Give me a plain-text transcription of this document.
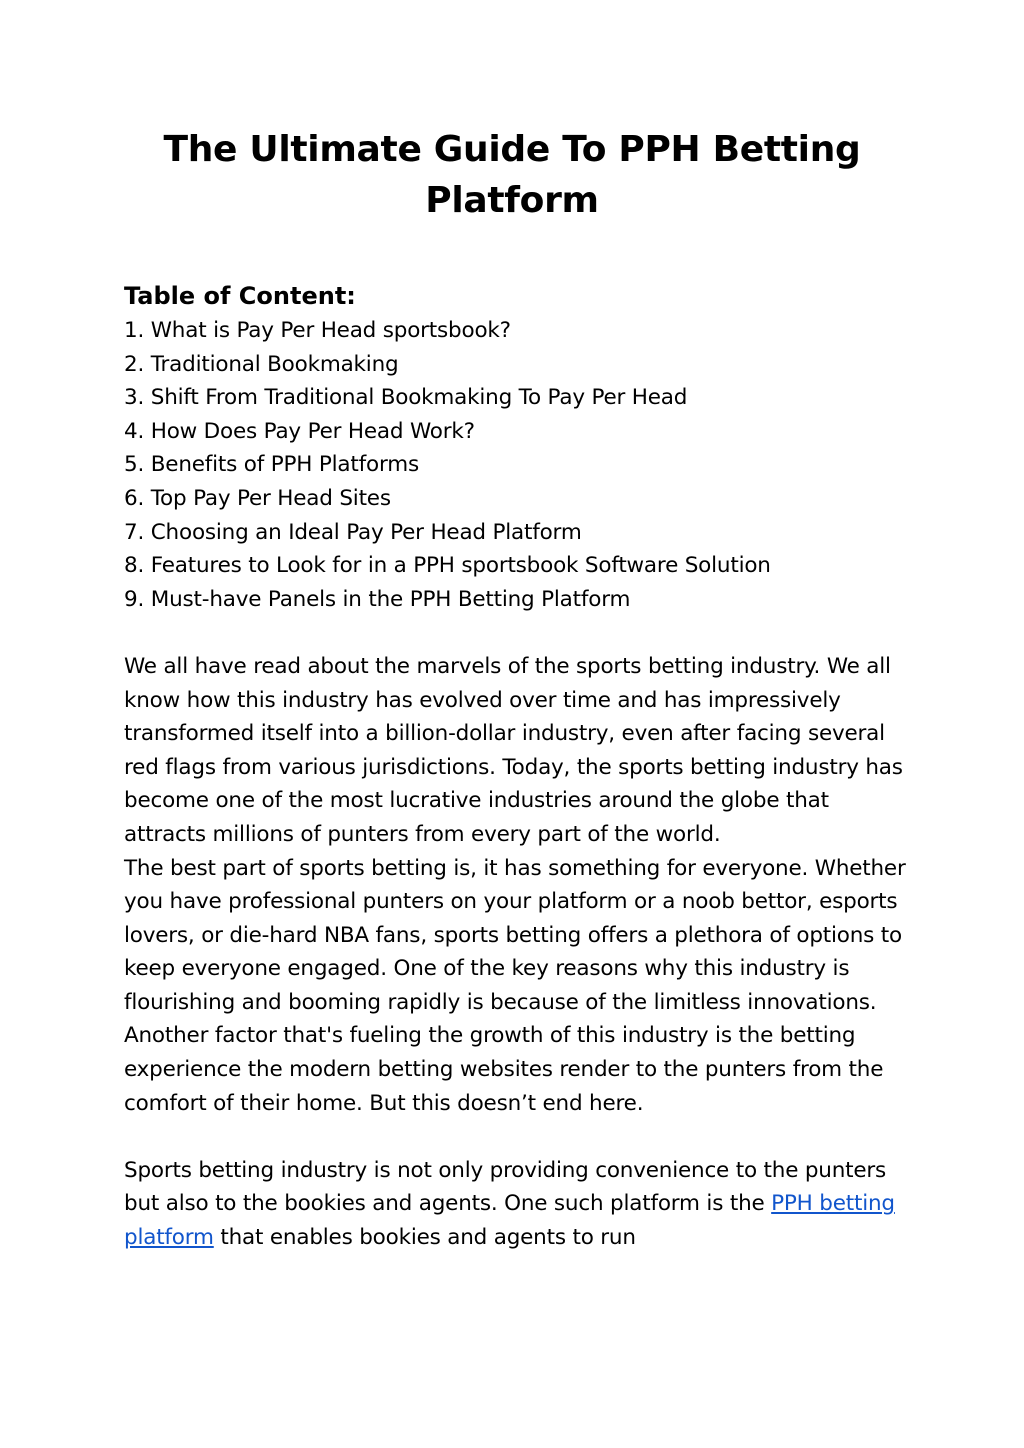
The Ultimate Guide To PPH Betting
Platform
Table of Content:
1. What is Pay Per Head sportsbook?
2. Traditional Bookmaking
3. Shift From Traditional Bookmaking To Pay Per Head
4. How Does Pay Per Head Work?
5. Benefits of PPH Platforms
6. Top Pay Per Head Sites
7. Choosing an Ideal Pay Per Head Platform
8. Features to Look for in a PPH sportsbook Software Solution
9. Must-have Panels in the PPH Betting Platform

We all have read about the marvels of the sports betting industry. We all know how this industry has evolved over time and has impressively transformed itself into a billion-dollar industry, even after facing several red flags from various jurisdictions. Today, the sports betting industry has become one of the most lucrative industries around the globe that attracts millions of punters from every part of the world.

The best part of sports betting is, it has something for everyone. Whether you have professional punters on your platform or a noob bettor, esports lovers, or die-hard NBA fans, sports betting offers a plethora of options to keep everyone engaged. One of the key reasons why this industry is flourishing and booming rapidly is because of the limitless innovations. Another factor that's fueling the growth of this industry is the betting experience the modern betting websites render to the punters from the comfort of their home. But this doesn’t end here.

Sports betting industry is not only providing convenience to the punters but also to the bookies and agents. One such platform is the PPH betting platform that enables bookies and agents to run
